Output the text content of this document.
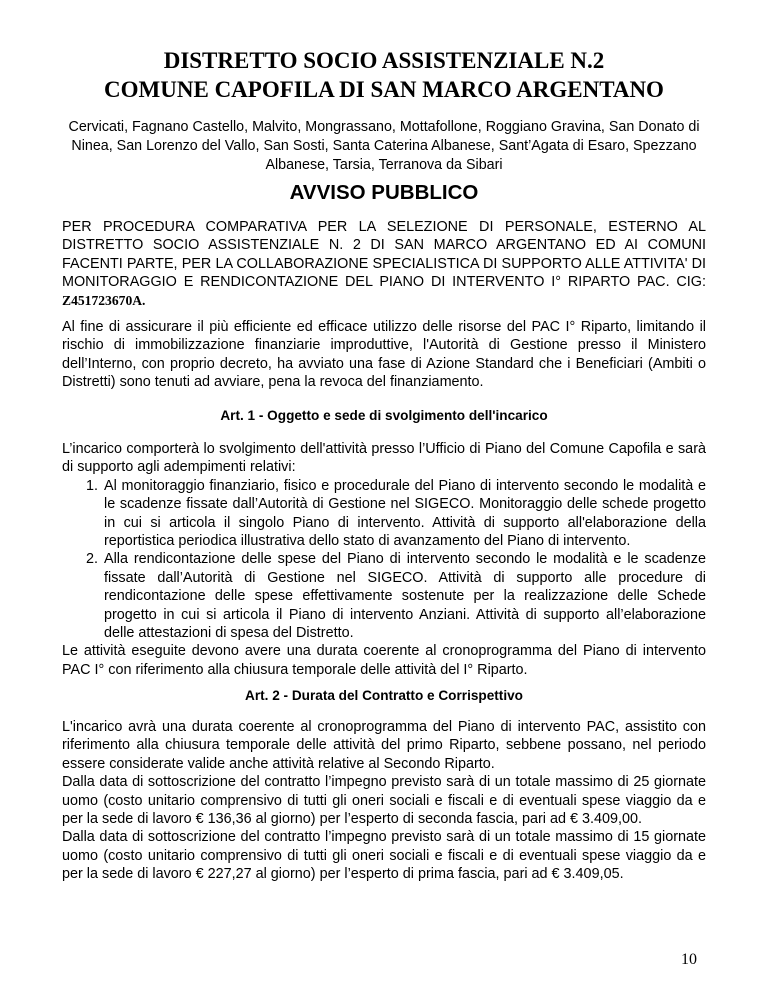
DISTRETTO SOCIO ASSISTENZIALE N.2
COMUNE CAPOFILA DI SAN MARCO ARGENTANO
Cervicati, Fagnano Castello, Malvito, Mongrassano, Mottafollone, Roggiano Gravina, San Donato di Ninea, San Lorenzo del Vallo, San Sosti, Santa Caterina Albanese, Sant’Agata di Esaro, Spezzano Albanese, Tarsia, Terranova da Sibari
AVVISO PUBBLICO

PER PROCEDURA COMPARATIVA PER LA SELEZIONE DI PERSONALE, ESTERNO AL DISTRETTO SOCIO ASSISTENZIALE N. 2 DI SAN MARCO ARGENTANO ED AI COMUNI FACENTI PARTE, PER LA COLLABORAZIONE SPECIALISTICA DI SUPPORTO ALLE ATTIVITA' DI MONITORAGGIO E RENDICONTAZIONE DEL PIANO DI INTERVENTO I° RIPARTO PAC. CIG: Z451723670A.

Al fine di assicurare il più efficiente ed efficace utilizzo delle risorse del PAC I° Riparto, limitando il rischio di immobilizzazione finanziarie improduttive, l'Autorità di Gestione presso il Ministero dell’Interno, con proprio decreto, ha avviato una fase di Azione Standard che i Beneficiari (Ambiti o Distretti) sono tenuti ad avviare, pena la revoca del finanziamento.
Art. 1 - Oggetto e sede di svolgimento dell'incarico

L’incarico comporterà lo svolgimento dell'attività presso l’Ufficio di Piano del Comune Capofila e sarà di supporto agli adempimenti relativi:

1. Al monitoraggio finanziario, fisico e procedurale del Piano di intervento secondo le modalità e le scadenze fissate dall’Autorità di Gestione nel SIGECO. Monitoraggio delle schede progetto in cui si articola il singolo Piano di intervento. Attività di supporto all'elaborazione della reportistica periodica illustrativa dello stato di avanzamento del Piano di intervento.
2. Alla rendicontazione delle spese del Piano di intervento secondo le modalità e le scadenze fissate dall’Autorità di Gestione nel SIGECO. Attività di supporto alle procedure di rendicontazione delle spese effettivamente sostenute per la realizzazione delle Schede progetto in cui si articola il Piano di intervento Anziani. Attività di supporto all’elaborazione delle attestazioni di spesa del Distretto.

Le attività eseguite devono avere una durata coerente al cronoprogramma del Piano di intervento PAC I° con riferimento alla chiusura temporale delle attività del I° Riparto.

Art. 2 - Durata del Contratto e Corrispettivo

L'incarico avrà una durata coerente al cronoprogramma del Piano di intervento PAC, assistito con riferimento alla chiusura temporale delle attività del primo Riparto, sebbene possano, nel periodo essere considerate valide anche attività relative al Secondo Riparto.

Dalla data di sottoscrizione del contratto l’impegno previsto sarà di un totale massimo di 25 giornate uomo (costo unitario comprensivo di tutti gli oneri sociali e fiscali e di eventuali spese viaggio da e per la sede di lavoro € 136,36 al giorno) per l’esperto di seconda fascia, pari ad € 3.409,00.

Dalla data di sottoscrizione del contratto l’impegno previsto sarà di un totale massimo di 15 giornate uomo (costo unitario comprensivo di tutti gli oneri sociali e fiscali e di eventuali spese viaggio da e per la sede di lavoro € 227,27 al giorno) per l’esperto di prima fascia, pari ad € 3.409,05.

10
